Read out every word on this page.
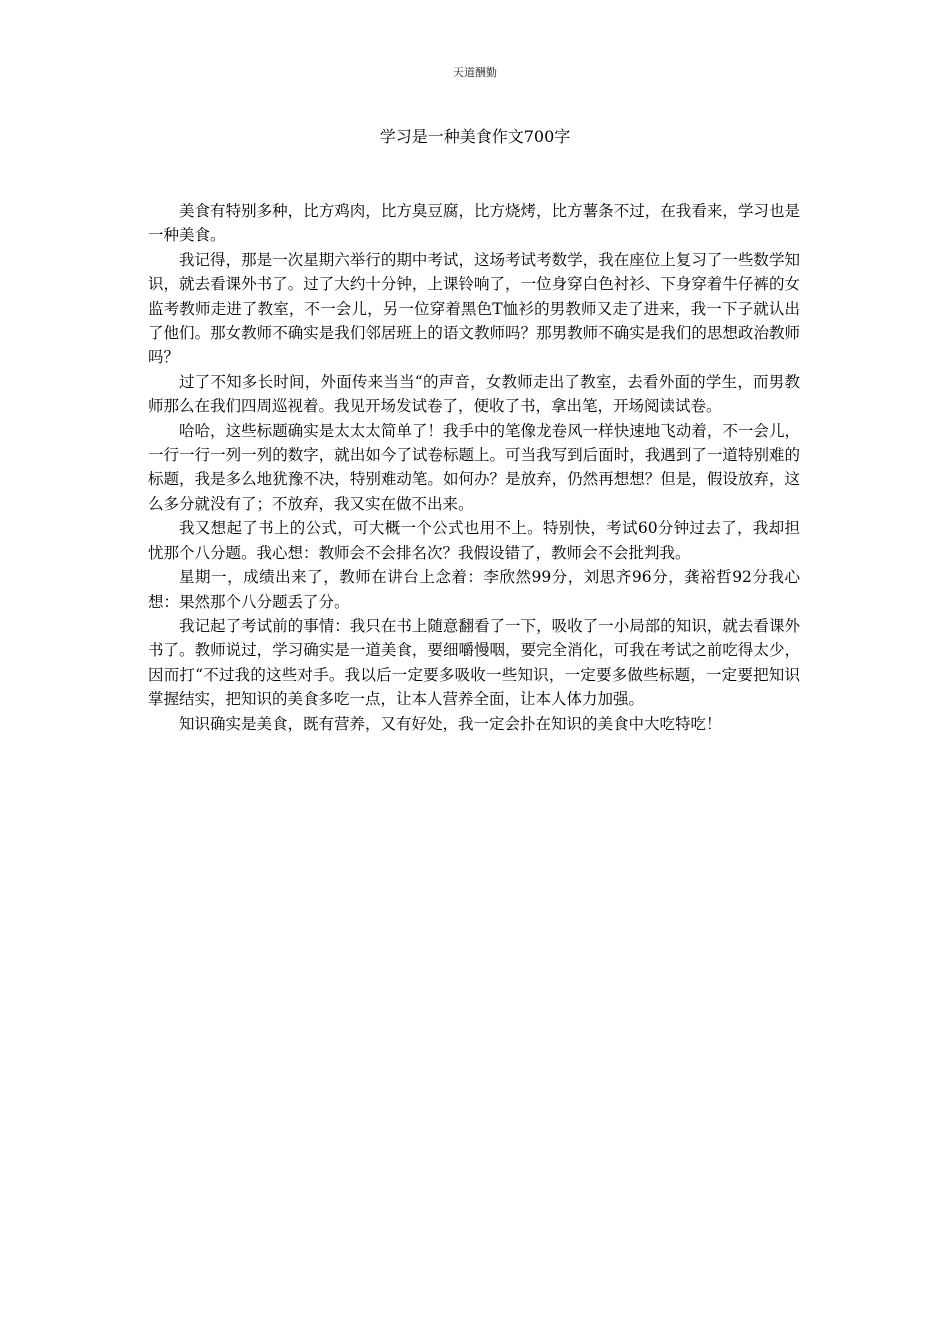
天道酬勤
学习是一种美食作文700字

美食有特别多种，比方鸡肉，比方臭豆腐，比方烧烤，比方薯条不过，在我看来，学习也是一种美食。

我记得，那是一次星期六举行的期中考试，这场考试考数学，我在座位上复习了一些数学知识，就去看课外书了。过了大约十分钟，上课铃响了，一位身穿白色衬衫、下身穿着牛仔裤的女监考教师走进了教室，不一会儿，另一位穿着黑色T恤衫的男教师又走了进来，我一下子就认出了他们。那女教师不确实是我们邻居班上的语文教师吗？那男教师不确实是我们的思想政治教师吗？

过了不知多长时间，外面传来当当“的声音，女教师走出了教室，去看外面的学生，而男教师那么在我们四周巡视着。我见开场发试卷了，便收了书，拿出笔，开场阅读试卷。

哈哈，这些标题确实是太太太简单了！我手中的笔像龙卷风一样快速地飞动着，不一会儿，一行一行一列一列的数字，就出如今了试卷标题上。可当我写到后面时，我遇到了一道特别难的标题，我是多么地犹豫不决，特别难动笔。如何办？是放弃，仍然再想想？但是，假设放弃，这么多分就没有了；不放弃，我又实在做不出来。

我又想起了书上的公式，可大概一个公式也用不上。特别快，考试60分钟过去了，我却担忧那个八分题。我心想：教师会不会排名次？我假设错了，教师会不会批判我。

星期一，成绩出来了，教师在讲台上念着：李欣然99分，刘思齐96分，龚裕哲92分我心想：果然那个八分题丢了分。

我记起了考试前的事情：我只在书上随意翻看了一下，吸收了一小局部的知识，就去看课外书了。教师说过，学习确实是一道美食，要细嚼慢咽，要完全消化，可我在考试之前吃得太少，因而打“不过我的这些对手。我以后一定要多吸收一些知识，一定要多做些标题，一定要把知识掌握结实，把知识的美食多吃一点，让本人营养全面，让本人体力加强。

知识确实是美食，既有营养，又有好处，我一定会扑在知识的美食中大吃特吃！
